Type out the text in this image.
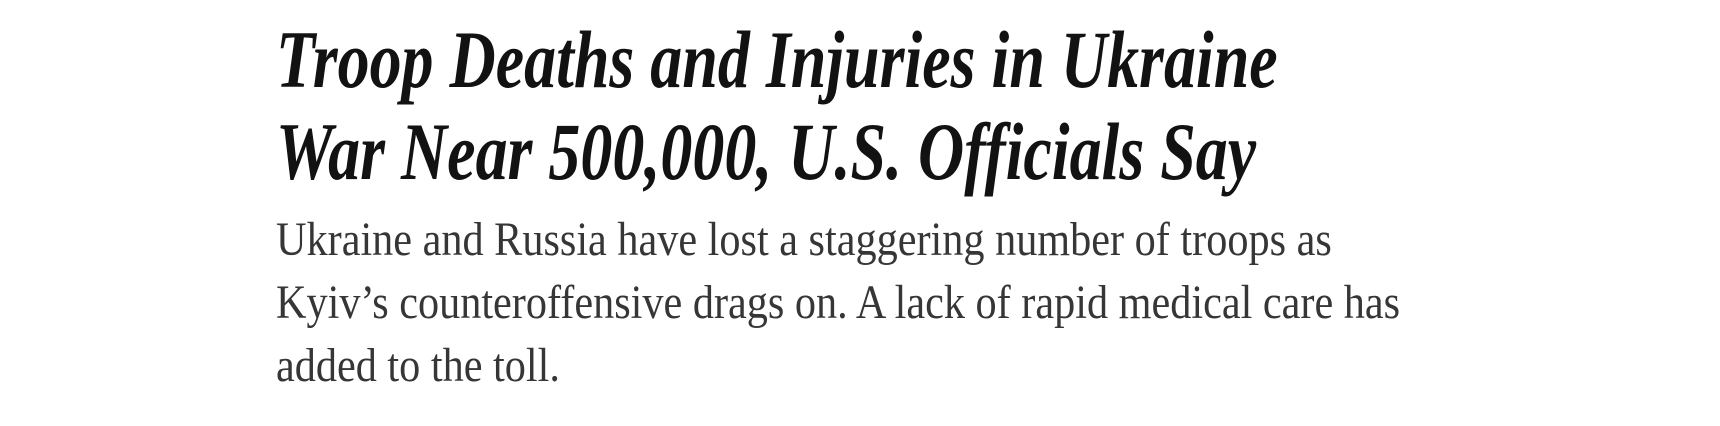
Troop Deaths and Injuries in Ukraine
War Near 500,000, U.S. Officials Say

Ukraine and Russia have lost a staggering number of troops as
Kyiv’s counteroffensive drags on. A lack of rapid medical care has
added to the toll.
